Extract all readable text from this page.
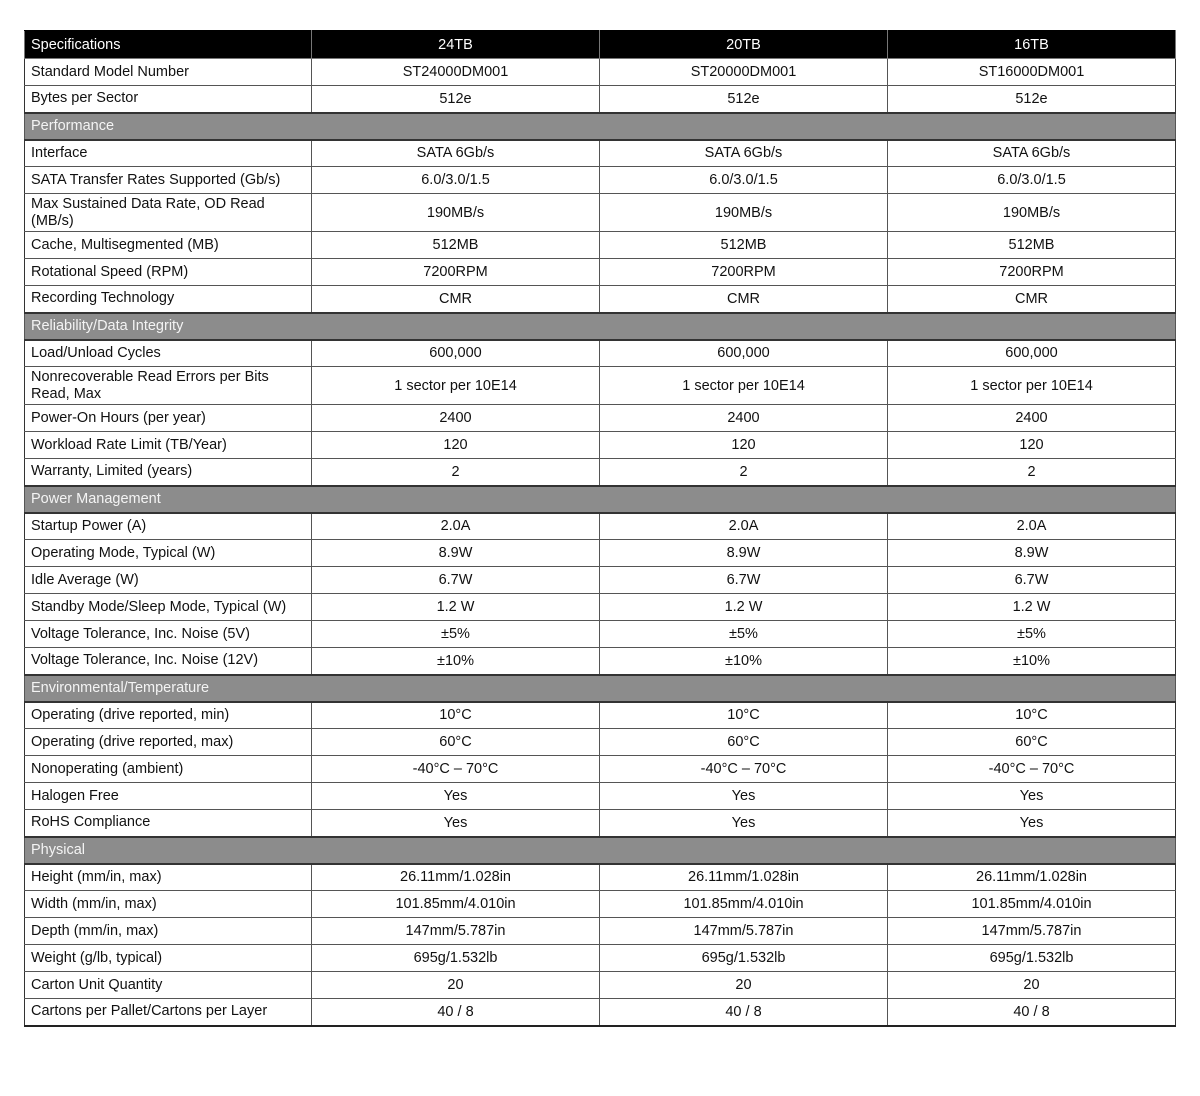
Specifications	24TB	20TB	16TB
Standard Model Number	ST24000DM001	ST20000DM001	ST16000DM001
Bytes per Sector	512e	512e	512e
Performance			
Interface	SATA 6Gb/s	SATA 6Gb/s	SATA 6Gb/s
SATA Transfer Rates Supported (Gb/s)	6.0/3.0/1.5	6.0/3.0/1.5	6.0/3.0/1.5
Max Sustained Data Rate, OD Read (MB/s)	190MB/s	190MB/s	190MB/s
Cache, Multisegmented (MB)	512MB	512MB	512MB
Rotational Speed (RPM)	7200RPM	7200RPM	7200RPM
Recording Technology	CMR	CMR	CMR
Reliability/Data Integrity			
Load/Unload Cycles	600,000	600,000	600,000
Nonrecoverable Read Errors per Bits Read, Max	1 sector per 10E14	1 sector per 10E14	1 sector per 10E14
Power-On Hours (per year)	2400	2400	2400
Workload Rate Limit (TB/Year)	120	120	120
Warranty, Limited (years)	2	2	2
Power Management			
Startup Power (A)	2.0A	2.0A	2.0A
Operating Mode, Typical (W)	8.9W	8.9W	8.9W
Idle Average (W)	6.7W	6.7W	6.7W
Standby Mode/Sleep Mode, Typical (W)	1.2 W	1.2 W	1.2 W
Voltage Tolerance, Inc. Noise (5V)	±5%	±5%	±5%
Voltage Tolerance, Inc. Noise (12V)	±10%	±10%	±10%
Environmental/Temperature			
Operating (drive reported, min)	10°C	10°C	10°C
Operating (drive reported, max)	60°C	60°C	60°C
Nonoperating (ambient)	-40°C – 70°C	-40°C – 70°C	-40°C – 70°C
Halogen Free	Yes	Yes	Yes
RoHS Compliance	Yes	Yes	Yes
Physical			
Height (mm/in, max)	26.11mm/1.028in	26.11mm/1.028in	26.11mm/1.028in
Width (mm/in, max)	101.85mm/4.010in	101.85mm/4.010in	101.85mm/4.010in
Depth (mm/in, max)	147mm/5.787in	147mm/5.787in	147mm/5.787in
Weight (g/lb, typical)	695g/1.532lb	695g/1.532lb	695g/1.532lb
Carton Unit Quantity	20	20	20
Cartons per Pallet/Cartons per Layer	40 / 8	40 / 8	40 / 8
